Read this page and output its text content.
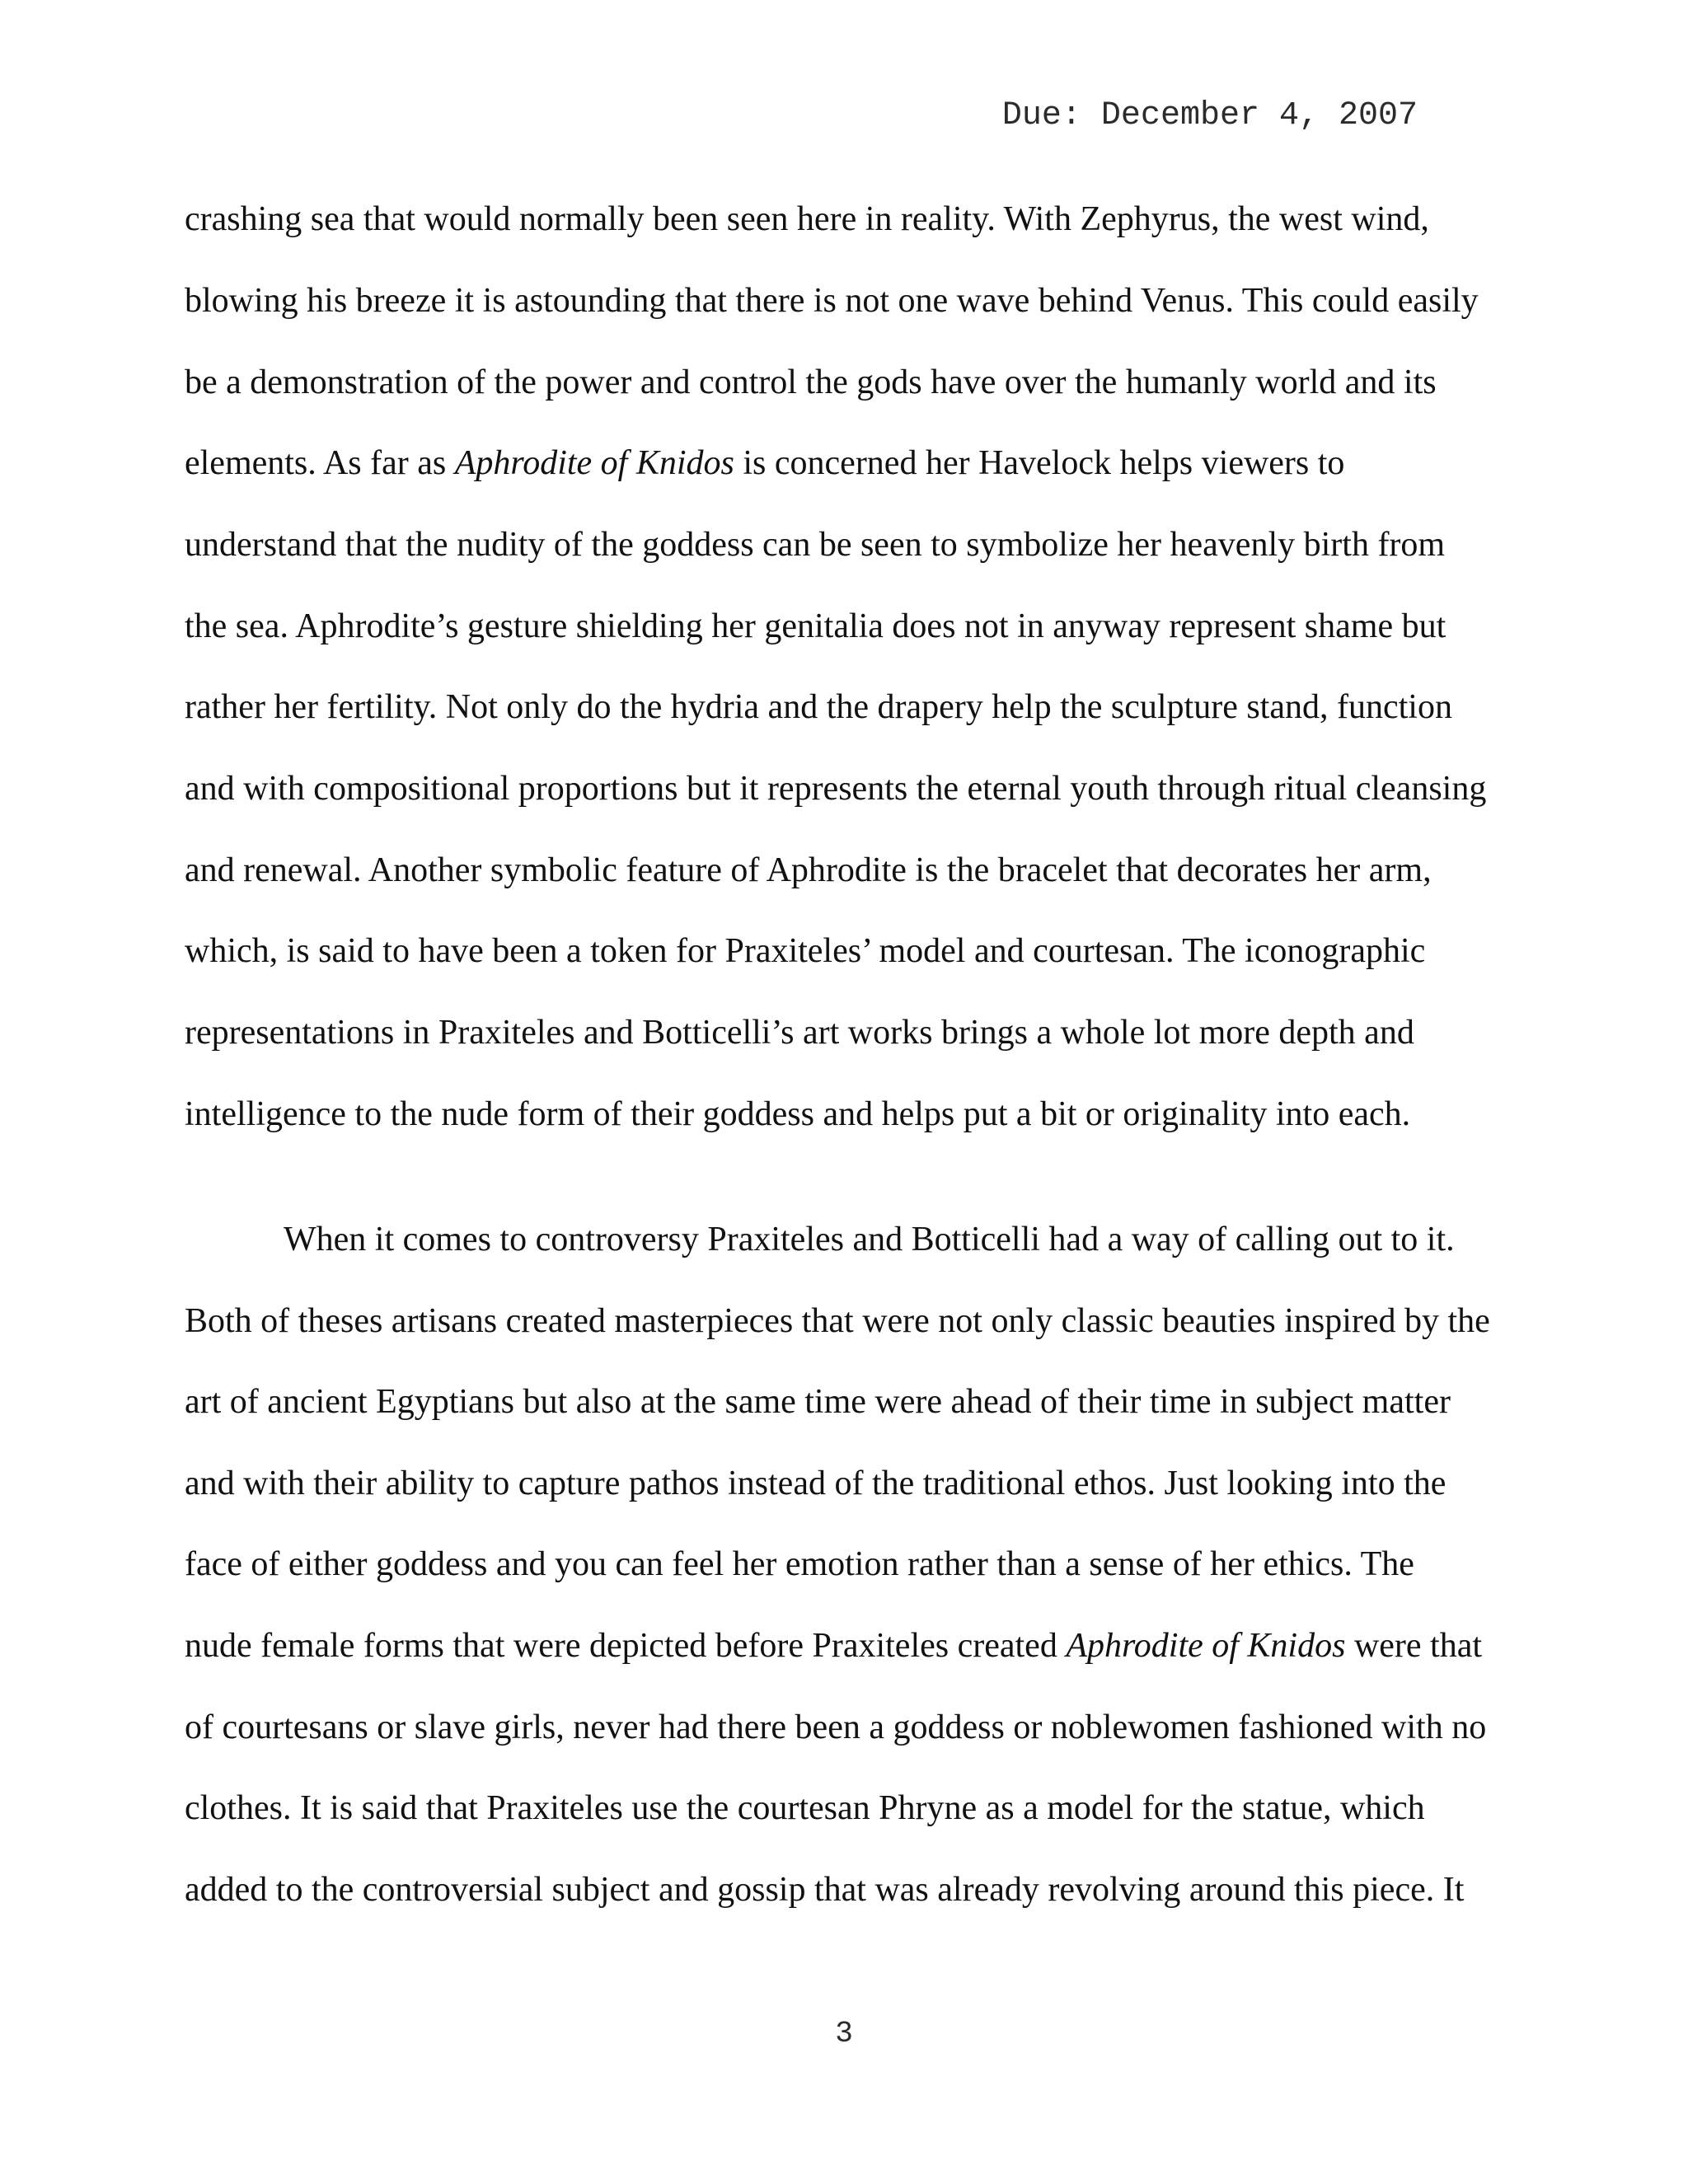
Due: December 4, 2007
crashing sea that would normally been seen here in reality. With Zephyrus, the west wind,
blowing his breeze it is astounding that there is not one wave behind Venus. This could easily
be a demonstration of the power and control the gods have over the humanly world and its
elements. As far as Aphrodite of Knidos is concerned her Havelock helps viewers to
understand that the nudity of the goddess can be seen to symbolize her heavenly birth from
the sea. Aphrodite’s gesture shielding her genitalia does not in anyway represent shame but
rather her fertility. Not only do the hydria and the drapery help the sculpture stand, function
and with compositional proportions but it represents the eternal youth through ritual cleansing
and renewal. Another symbolic feature of Aphrodite is the bracelet that decorates her arm,
which, is said to have been a token for Praxiteles’ model and courtesan. The iconographic
representations in Praxiteles and Botticelli’s art works brings a whole lot more depth and
intelligence to the nude form of their goddess and helps put a bit or originality into each.
When it comes to controversy Praxiteles and Botticelli had a way of calling out to it.
Both of theses artisans created masterpieces that were not only classic beauties inspired by the
art of ancient Egyptians but also at the same time were ahead of their time in subject matter
and with their ability to capture pathos instead of the traditional ethos. Just looking into the
face of either goddess and you can feel her emotion rather than a sense of her ethics. The
nude female forms that were depicted before Praxiteles created Aphrodite of Knidos were that
of courtesans or slave girls, never had there been a goddess or noblewomen fashioned with no
clothes. It is said that Praxiteles use the courtesan Phryne as a model for the statue, which
added to the controversial subject and gossip that was already revolving around this piece. It
3
